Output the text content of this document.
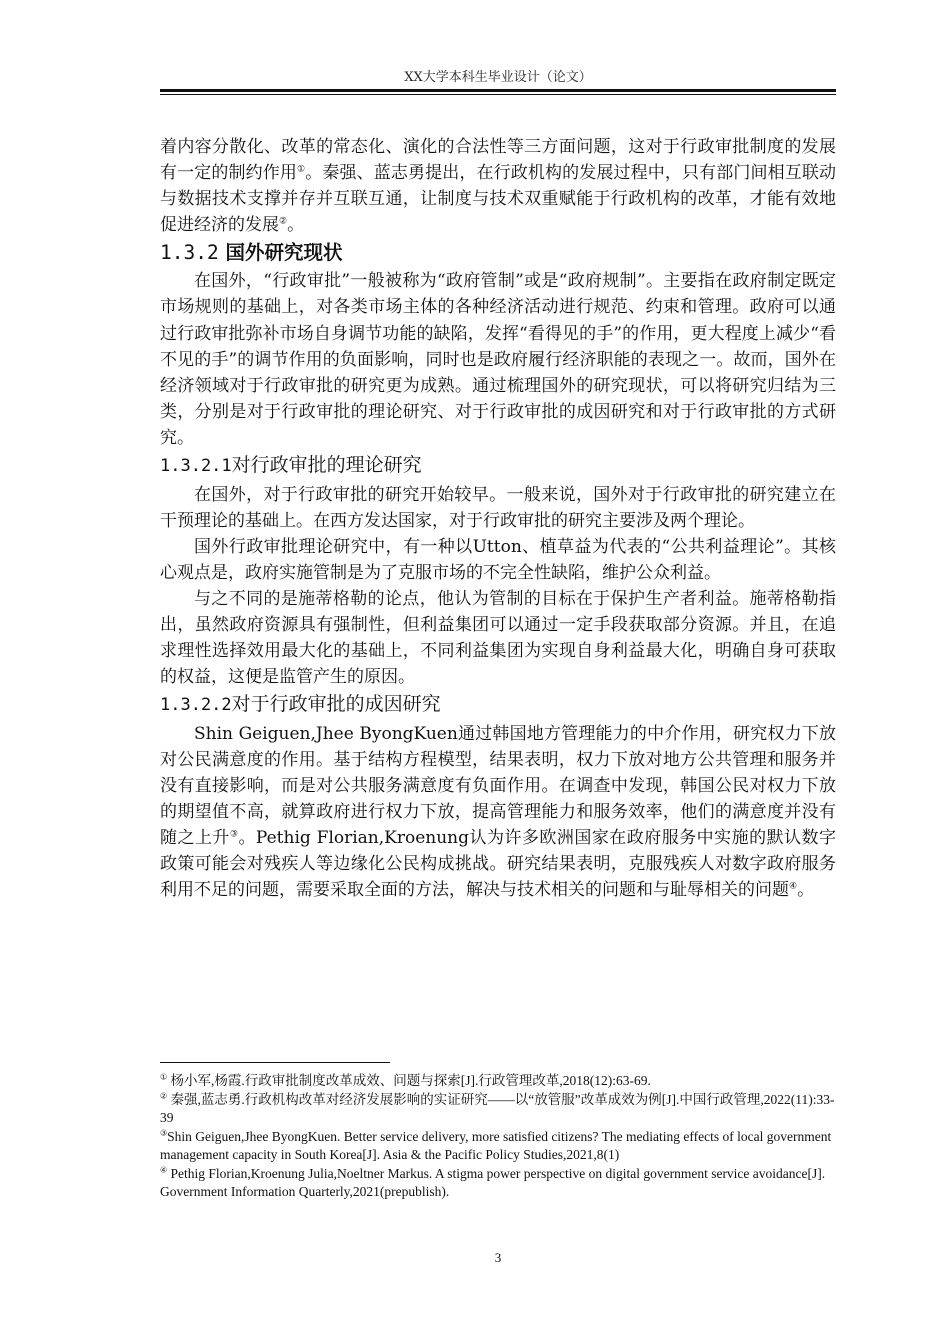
XX大学本科生毕业设计（论文）

着内容分散化、改革的常态化、演化的合法性等三方面问题，这对于行政审批制度的发展有一定的制约作用①。秦强、蓝志勇提出，在行政机构的发展过程中，只有部门间相互联动与数据技术支撑并存并互联互通，让制度与技术双重赋能于行政机构的改革，才能有效地促进经济的发展②。

1.3.2 国外研究现状

在国外，“行政审批”一般被称为“政府管制”或是“政府规制”。主要指在政府制定既定市场规则的基础上，对各类市场主体的各种经济活动进行规范、约束和管理。政府可以通过行政审批弥补市场自身调节功能的缺陷，发挥“看得见的手”的作用，更大程度上减少“看不见的手”的调节作用的负面影响，同时也是政府履行经济职能的表现之一。故而，国外在经济领域对于行政审批的研究更为成熟。通过梳理国外的研究现状，可以将研究归结为三类，分别是对于行政审批的理论研究、对于行政审批的成因研究和对于行政审批的方式研究。

1.3.2.1对行政审批的理论研究

在国外，对于行政审批的研究开始较早。一般来说，国外对于行政审批的研究建立在干预理论的基础上。在西方发达国家，对于行政审批的研究主要涉及两个理论。

国外行政审批理论研究中，有一种以Utton、植草益为代表的“公共利益理论”。其核心观点是，政府实施管制是为了克服市场的不完全性缺陷，维护公众利益。

与之不同的是施蒂格勒的论点，他认为管制的目标在于保护生产者利益。施蒂格勒指出，虽然政府资源具有强制性，但利益集团可以通过一定手段获取部分资源。并且，在追求理性选择效用最大化的基础上，不同利益集团为实现自身利益最大化，明确自身可获取的权益，这便是监管产生的原因。

1.3.2.2对于行政审批的成因研究

Shin Geiguen,Jhee ByongKuen通过韩国地方管理能力的中介作用，研究权力下放对公民满意度的作用。基于结构方程模型，结果表明，权力下放对地方公共管理和服务并没有直接影响，而是对公共服务满意度有负面作用。在调查中发现，韩国公民对权力下放的期望值不高，就算政府进行权力下放，提高管理能力和服务效率，他们的满意度并没有随之上升③。Pethig Florian,Kroenung认为许多欧洲国家在政府服务中实施的默认数字政策可能会对残疾人等边缘化公民构成挑战。研究结果表明，克服残疾人对数字政府服务利用不足的问题，需要采取全面的方法，解决与技术相关的问题和与耻辱相关的问题④。

① 杨小军,杨霞.行政审批制度改革成效、问题与探索[J].行政管理改革,2018(12):63-69.

② 秦强,蓝志勇.行政机构改革对经济发展影响的实证研究——以“放管服”改革成效为例[J].中国行政管理,2022(11):33-39

③Shin Geiguen,Jhee ByongKuen. Better service delivery, more satisfied citizens? The mediating effects of local government management capacity in South Korea[J]. Asia & the Pacific Policy Studies,2021,8(1)

④ Pethig Florian,Kroenung Julia,Noeltner Markus. A stigma power perspective on digital government service avoidance[J]. Government Information Quarterly,2021(prepublish).

3
